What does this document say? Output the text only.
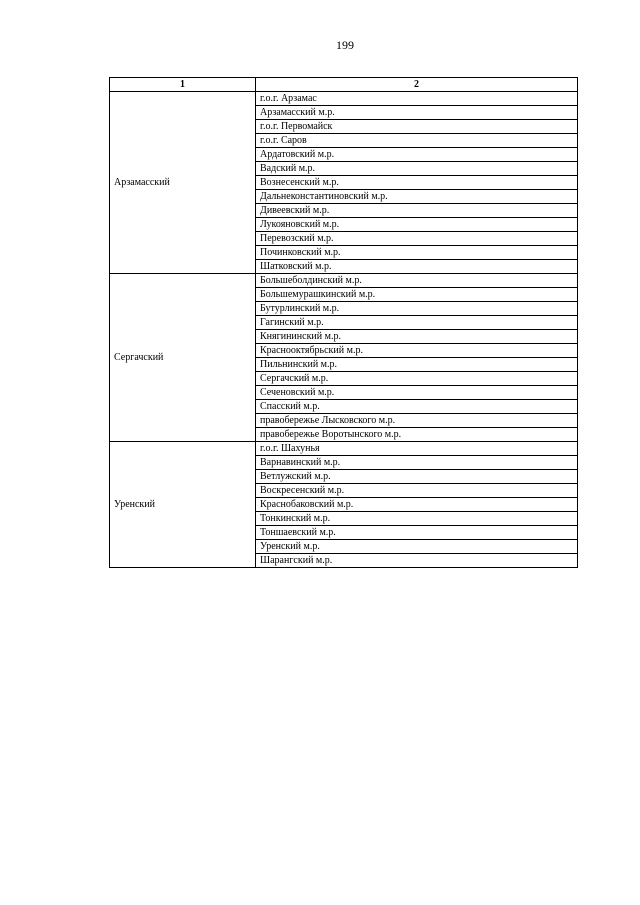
199
1	2
Арзамасский	г.о.г. Арзамас
	Арзамасский м.р.
	г.о.г. Первомайск
	г.о.г. Саров
	Ардатовский м.р.
	Вадский м.р.
	Вознесенский м.р.
	Дальнеконстантиновский м.р.
	Дивеевский м.р.
	Лукояновский м.р.
	Перевозский м.р.
	Починковский м.р.
	Шатковский м.р.
Сергачский	Большеболдинский м.р.
	Большемурашкинский м.р.
	Бутурлинский м.р.
	Гагинский м.р.
	Княгининский м.р.
	Краснооктябрьский м.р.
	Пильнинский м.р.
	Сергачский м.р.
	Сеченовский м.р.
	Спасский м.р.
	правобережье Лысковского м.р.
	правобережье Воротынского м.р.
Уренский	г.о.г. Шахунья
	Варнавинский м.р.
	Ветлужский м.р.
	Воскресенский м.р.
	Краснобаковский м.р.
	Тонкинский м.р.
	Тоншаевский м.р.
	Уренский м.р.
	Шарангский м.р.
